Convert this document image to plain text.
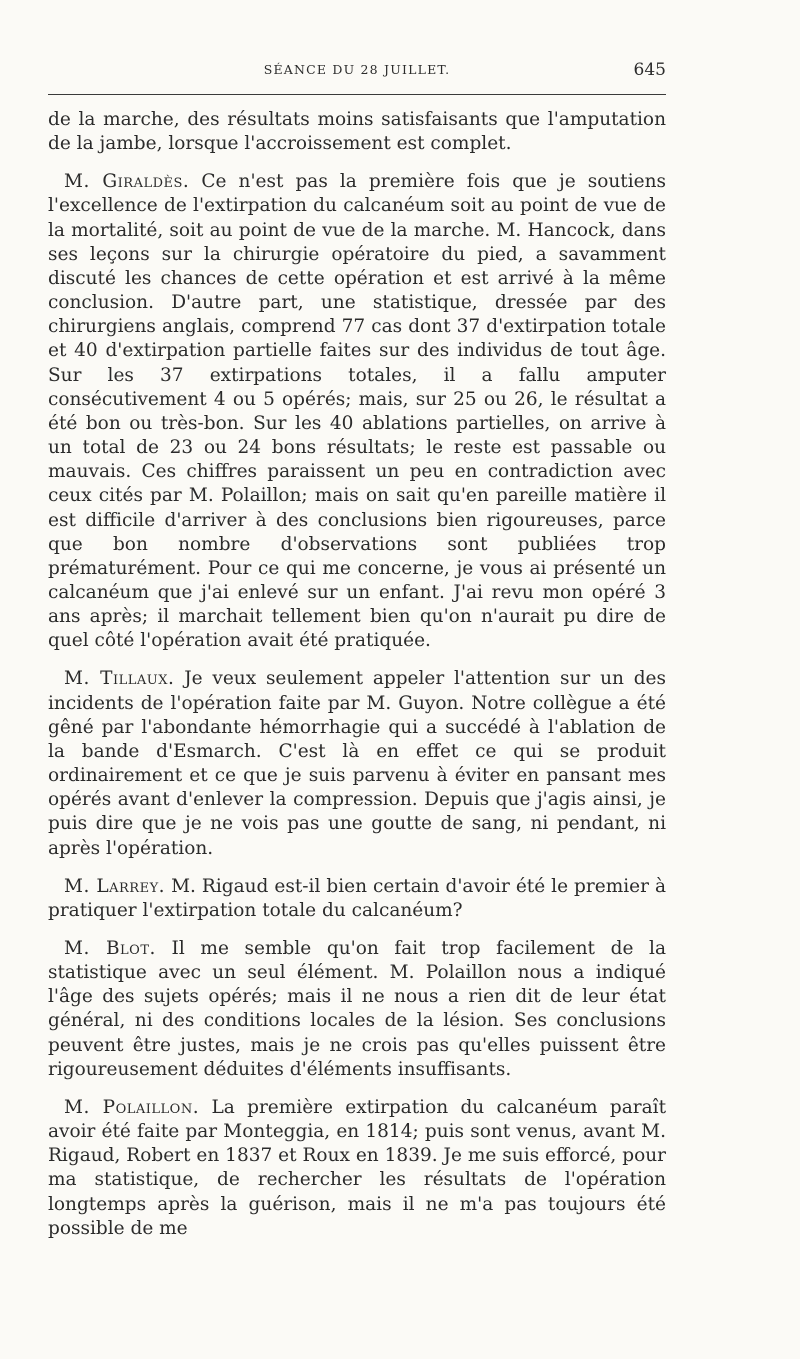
SÉANCE DU 28 JUILLET.	645

de la marche, des résultats moins satisfaisants que l'amputation de la jambe, lorsque l'accroissement est complet.

M. Giraldès. Ce n'est pas la première fois que je soutiens l'excellence de l'extirpation du calcanéum soit au point de vue de la mortalité, soit au point de vue de la marche. M. Hancock, dans ses leçons sur la chirurgie opératoire du pied, a savamment discuté les chances de cette opération et est arrivé à la même conclusion. D'autre part, une statistique, dressée par des chirurgiens anglais, comprend 77 cas dont 37 d'extirpation totale et 40 d'extirpation partielle faites sur des individus de tout âge. Sur les 37 extirpations totales, il a fallu amputer consécutivement 4 ou 5 opérés; mais, sur 25 ou 26, le résultat a été bon ou très-bon. Sur les 40 ablations partielles, on arrive à un total de 23 ou 24 bons résultats; le reste est passable ou mauvais. Ces chiffres paraissent un peu en contradiction avec ceux cités par M. Polaillon; mais on sait qu'en pareille matière il est difficile d'arriver à des conclusions bien rigoureuses, parce que bon nombre d'observations sont publiées trop prématurément. Pour ce qui me concerne, je vous ai présenté un calcanéum que j'ai enlevé sur un enfant. J'ai revu mon opéré 3 ans après; il marchait tellement bien qu'on n'aurait pu dire de quel côté l'opération avait été pratiquée.

M. Tillaux. Je veux seulement appeler l'attention sur un des incidents de l'opération faite par M. Guyon. Notre collègue a été gêné par l'abondante hémorrhagie qui a succédé à l'ablation de la bande d'Esmarch. C'est là en effet ce qui se produit ordinairement et ce que je suis parvenu à éviter en pansant mes opérés avant d'enlever la compression. Depuis que j'agis ainsi, je puis dire que je ne vois pas une goutte de sang, ni pendant, ni après l'opération.

M. Larrey. M. Rigaud est-il bien certain d'avoir été le premier à pratiquer l'extirpation totale du calcanéum?

M. Blot. Il me semble qu'on fait trop facilement de la statistique avec un seul élément. M. Polaillon nous a indiqué l'âge des sujets opérés; mais il ne nous a rien dit de leur état général, ni des conditions locales de la lésion. Ses conclusions peuvent être justes, mais je ne crois pas qu'elles puissent être rigoureusement déduites d'éléments insuffisants.

M. Polaillon. La première extirpation du calcanéum paraît avoir été faite par Monteggia, en 1814; puis sont venus, avant M. Rigaud, Robert en 1837 et Roux en 1839. Je me suis efforcé, pour ma statistique, de rechercher les résultats de l'opération longtemps après la guérison, mais il ne m'a pas toujours été possible de me
